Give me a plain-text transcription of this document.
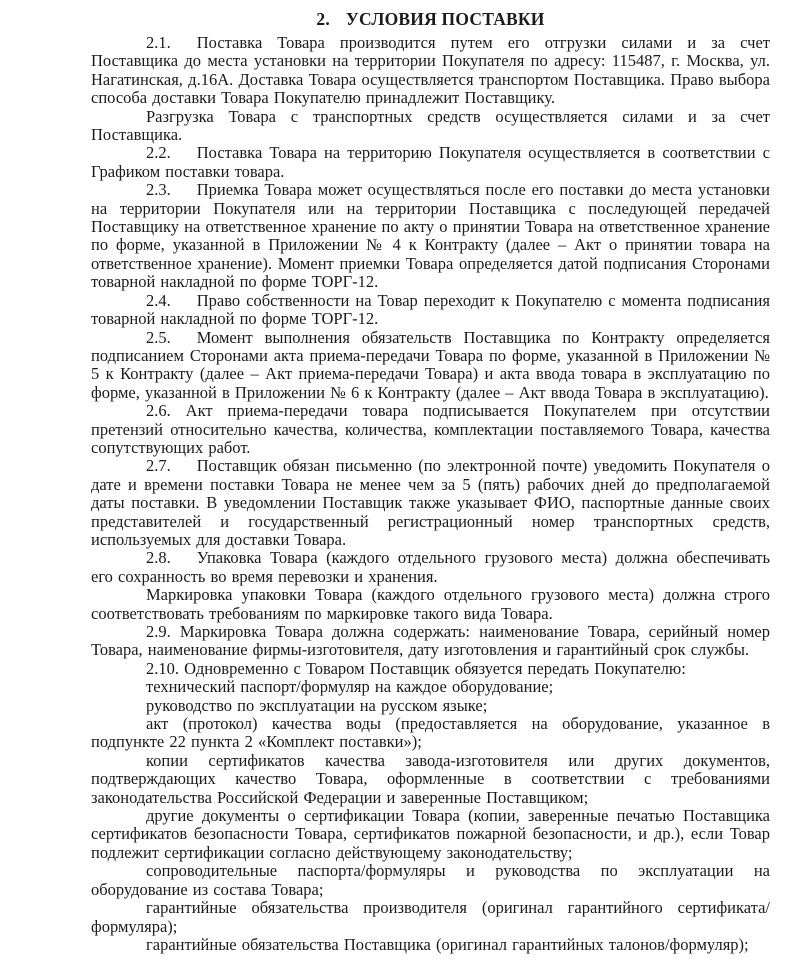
2. УСЛОВИЯ ПОСТАВКИ

2.1. Поставка Товара производится путем его отгрузки силами и за счет Поставщика до места установки на территории Покупателя по адресу: 115487, г. Москва, ул. Нагатинская, д.16А. Доставка Товара осуществляется транспортом Поставщика. Право выбора способа доставки Товара Покупателю принадлежит Поставщику.

Разгрузка Товара с транспортных средств осуществляется силами и за счет Поставщика.

2.2. Поставка Товара на территорию Покупателя осуществляется в соответствии с Графиком поставки товара.

2.3. Приемка Товара может осуществляться после его поставки до места установки на территории Покупателя или на территории Поставщика с последующей передачей Поставщику на ответственное хранение по акту о принятии Товара на ответственное хранение по форме, указанной в Приложении № 4 к Контракту (далее – Акт о принятии товара на ответственное хранение). Момент приемки Товара определяется датой подписания Сторонами товарной накладной по форме ТОРГ-12.

2.4. Право собственности на Товар переходит к Покупателю с момента подписания товарной накладной по форме ТОРГ-12.

2.5. Момент выполнения обязательств Поставщика по Контракту определяется подписанием Сторонами акта приема-передачи Товара по форме, указанной в Приложении № 5 к Контракту (далее – Акт приема-передачи Товара) и акта ввода товара в эксплуатацию по форме, указанной в Приложении № 6 к Контракту (далее – Акт ввода Товара в эксплуатацию).

2.6. Акт приема-передачи товара подписывается Покупателем при отсутствии претензий относительно качества, количества, комплектации поставляемого Товара, качества сопутствующих работ.

2.7. Поставщик обязан письменно (по электронной почте) уведомить Покупателя о дате и времени поставки Товара не менее чем за 5 (пять) рабочих дней до предполагаемой даты поставки. В уведомлении Поставщик также указывает ФИО, паспортные данные своих представителей и государственный регистрационный номер транспортных средств, используемых для доставки Товара.

2.8. Упаковка Товара (каждого отдельного грузового места) должна обеспечивать его сохранность во время перевозки и хранения.

Маркировка упаковки Товара (каждого отдельного грузового места) должна строго соответствовать требованиям по маркировке такого вида Товара.

2.9. Маркировка Товара должна содержать: наименование Товара, серийный номер Товара, наименование фирмы-изготовителя, дату изготовления и гарантийный срок службы.

2.10. Одновременно с Товаром Поставщик обязуется передать Покупателю:

технический паспорт/формуляр на каждое оборудование;

руководство по эксплуатации на русском языке;

акт (протокол) качества воды (предоставляется на оборудование, указанное в подпункте 22 пункта 2 «Комплект поставки»);

копии сертификатов качества завода-изготовителя или других документов, подтверждающих качество Товара, оформленные в соответствии с требованиями законодательства Российской Федерации и заверенные Поставщиком;

другие документы о сертификации Товара (копии, заверенные печатью Поставщика сертификатов безопасности Товара, сертификатов пожарной безопасности, и др.), если Товар подлежит сертификации согласно действующему законодательству;

сопроводительные паспорта/формуляры и руководства по эксплуатации на оборудование из состава Товара;

гарантийные обязательства производителя (оригинал гарантийного сертификата/формуляра);

гарантийные обязательства Поставщика (оригинал гарантийных талонов/формуляр);
